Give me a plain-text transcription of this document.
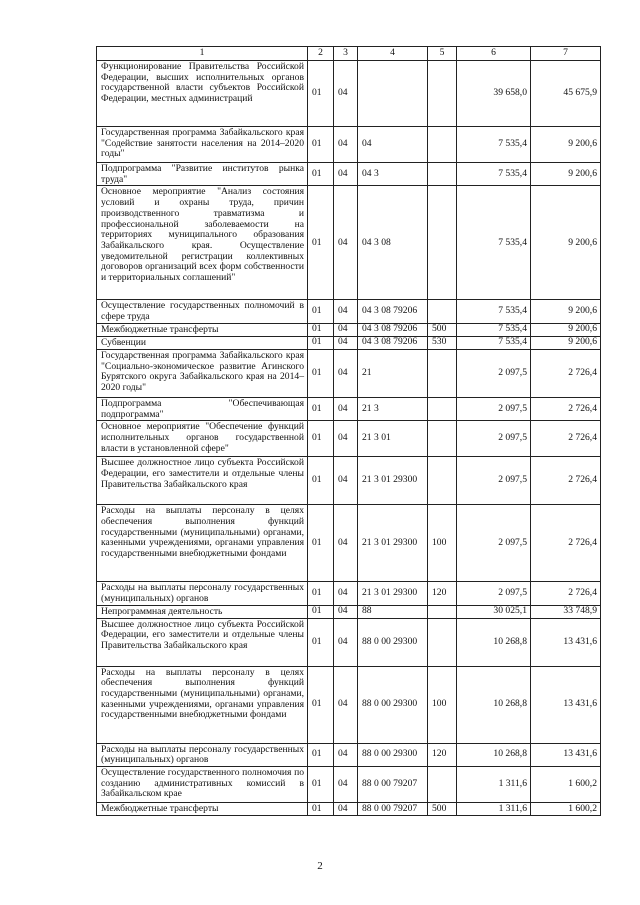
1	2	3	4	5	6	7
Функционирование Правительства Российской Федерации, высших исполнительных органов государственной власти субъектов Российской Федерации, местных администраций	01	04			39 658,0	45 675,9
Государственная программа Забайкальского края "Содействие занятости населения на 2014–2020 годы"	01	04	04		7 535,4	9 200,6
Подпрограмма "Развитие институтов рынка труда"	01	04	04 3		7 535,4	9 200,6
Основное мероприятие "Анализ состояния условий и охраны труда, причин производственного травматизма и профессиональной заболеваемости на территориях муниципального образования Забайкальского края. Осуществление уведомительной регистрации коллективных договоров организаций всех форм собственности и территориальных соглашений"	01	04	04 3 08		7 535,4	9 200,6
Осуществление государственных полномочий в сфере труда	01	04	04 3 08 79206		7 535,4	9 200,6
Межбюджетные трансферты	01	04	04 3 08 79206	500	7 535,4	9 200,6
Субвенции	01	04	04 3 08 79206	530	7 535,4	9 200,6
Государственная программа Забайкальского края "Социально-экономическое развитие Агинского Бурятского округа Забайкальского края на 2014–2020 годы"	01	04	21		2 097,5	2 726,4
Подпрограмма "Обеспечивающая подпрограмма"	01	04	21 3		2 097,5	2 726,4
Основное мероприятие "Обеспечение функций исполнительных органов государственной власти в установленной сфере"	01	04	21 3 01		2 097,5	2 726,4
Высшее должностное лицо субъекта Российской Федерации, его заместители и отдельные члены Правительства Забайкальского края	01	04	21 3 01 29300		2 097,5	2 726,4
Расходы на выплаты персоналу в целях обеспечения выполнения функций государственными (муниципальными) органами, казенными учреждениями, органами управления государственными внебюджетными фондами	01	04	21 3 01 29300	100	2 097,5	2 726,4
Расходы на выплаты персоналу государственных (муниципальных) органов	01	04	21 3 01 29300	120	2 097,5	2 726,4
Непрограммная деятельность	01	04	88		30 025,1	33 748,9
Высшее должностное лицо субъекта Российской Федерации, его заместители и отдельные члены Правительства Забайкальского края	01	04	88 0 00 29300		10 268,8	13 431,6
Расходы на выплаты персоналу в целях обеспечения выполнения функций государственными (муниципальными) органами, казенными учреждениями, органами управления государственными внебюджетными фондами	01	04	88 0 00 29300	100	10 268,8	13 431,6
Расходы на выплаты персоналу государственных (муниципальных) органов	01	04	88 0 00 29300	120	10 268,8	13 431,6
Осуществление государственного полномочия по созданию административных комиссий в Забайкальском крае	01	04	88 0 00 79207		1 311,6	1 600,2
Межбюджетные трансферты	01	04	88 0 00 79207	500	1 311,6	1 600,2
2
